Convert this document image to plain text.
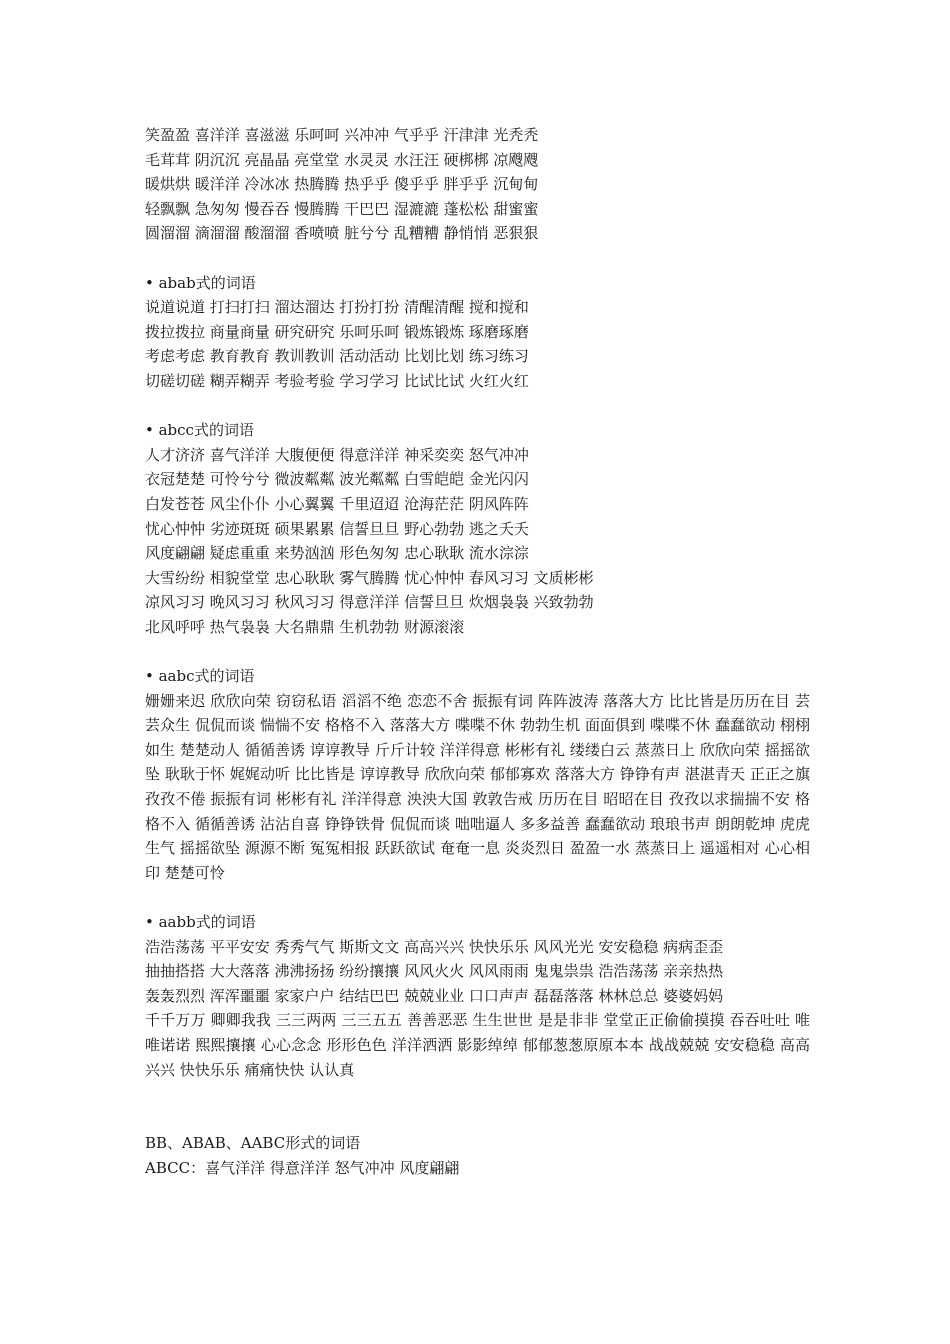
笑盈盈 喜洋洋 喜滋滋 乐呵呵 兴冲冲 气乎乎 汗津津 光秃秃
毛茸茸 阴沉沉 亮晶晶 亮堂堂 水灵灵 水汪汪 硬梆梆 凉飕飕
暖烘烘 暖洋洋 冷冰冰 热腾腾 热乎乎 傻乎乎 胖乎乎 沉甸甸
轻飘飘 急匆匆 慢吞吞 慢腾腾 干巴巴 湿漉漉 蓬松松 甜蜜蜜
圆溜溜 滴溜溜 酸溜溜 香喷喷 脏兮兮 乱糟糟 静悄悄 恶狠狠
• abab式的词语
说道说道 打扫打扫 溜达溜达 打扮打扮 清醒清醒 搅和搅和
拨拉拨拉 商量商量 研究研究 乐呵乐呵 锻炼锻炼 琢磨琢磨
考虑考虑 教育教育 教训教训 活动活动 比划比划 练习练习
切磋切磋 糊弄糊弄 考验考验 学习学习 比试比试 火红火红
• abcc式的词语
人才济济 喜气洋洋 大腹便便 得意洋洋 神采奕奕 怒气冲冲
衣冠楚楚 可怜兮兮 微波粼粼 波光粼粼 白雪皑皑 金光闪闪
白发苍苍 风尘仆仆 小心翼翼 千里迢迢 沧海茫茫 阴风阵阵
忧心忡忡 劣迹斑斑 硕果累累 信誓旦旦 野心勃勃 逃之夭夭
风度翩翩 疑虑重重 来势汹汹 形色匆匆 忠心耿耿 流水淙淙
大雪纷纷 相貌堂堂 忠心耿耿 雾气腾腾 忧心忡忡 春风习习 文质彬彬
凉风习习 晚风习习 秋风习习 得意洋洋 信誓旦旦 炊烟袅袅 兴致勃勃
北风呼呼 热气袅袅 大名鼎鼎 生机勃勃 财源滚滚
• aabc式的词语
姗姗来迟 欣欣向荣 窃窃私语 滔滔不绝 恋恋不舍 振振有词 阵阵波涛 落落大方 比比皆是历历在目 芸芸众生 侃侃而谈 惴惴不安 格格不入 落落大方 喋喋不休 勃勃生机 面面俱到 喋喋不休 蠢蠢欲动 栩栩如生 楚楚动人 循循善诱 谆谆教导 斤斤计较 洋洋得意 彬彬有礼 缕缕白云 蒸蒸日上 欣欣向荣 摇摇欲坠 耿耿于怀 娓娓动听 比比皆是 谆谆教导 欣欣向荣 郁郁寡欢 落落大方 铮铮有声 湛湛青天 正正之旗 孜孜不倦 振振有词 彬彬有礼 洋洋得意 泱泱大国 敦敦告戒 历历在目 昭昭在目 孜孜以求揣揣不安 格格不入 循循善诱 沾沾自喜 铮铮铁骨 侃侃而谈 咄咄逼人 多多益善 蠢蠢欲动 琅琅书声 朗朗乾坤 虎虎生气 摇摇欲坠 源源不断 冤冤相报 跃跃欲试 奄奄一息 炎炎烈日 盈盈一水 蒸蒸日上 遥遥相对 心心相印 楚楚可怜
• aabb式的词语
浩浩荡荡 平平安安 秀秀气气 斯斯文文 高高兴兴 快快乐乐 风风光光 安安稳稳 病病歪歪
抽抽搭搭 大大落落 沸沸扬扬 纷纷攘攘 风风火火 风风雨雨 鬼鬼祟祟 浩浩荡荡 亲亲热热
轰轰烈烈 浑浑噩噩 家家户户 结结巴巴 兢兢业业 口口声声 磊磊落落 林林总总 婆婆妈妈
千千万万 卿卿我我 三三两两 三三五五 善善恶恶 生生世世 是是非非 堂堂正正偷偷摸摸 吞吞吐吐 唯唯诺诺 熙熙攘攘 心心念念 形形色色 洋洋洒洒 影影绰绰 郁郁葱葱原原本本 战战兢兢 安安稳稳 高高兴兴 快快乐乐 痛痛快快 认认真
BB、ABAB、AABC形式的词语
ABCC：喜气洋洋 得意洋洋 怒气冲冲 风度翩翩
